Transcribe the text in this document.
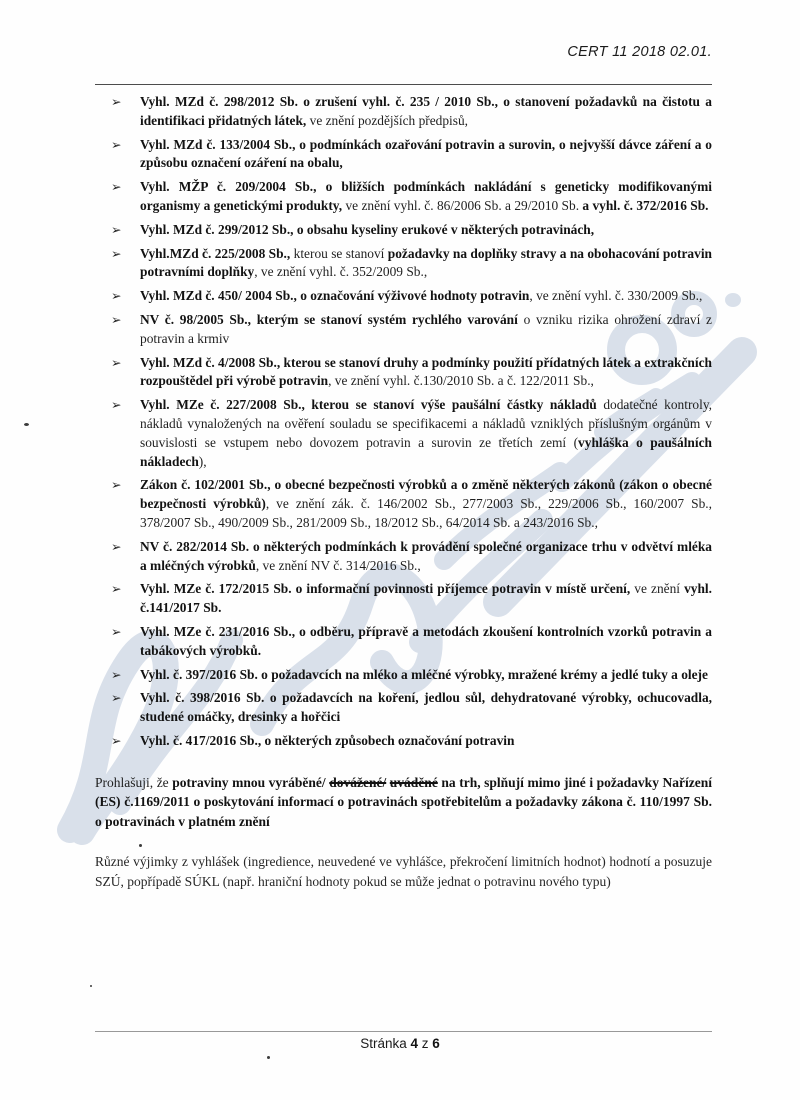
CERT 11 2018 02.01.
➢ Vyhl. MZd č. 298/2012 Sb. o zrušení vyhl. č. 235 / 2010 Sb., o stanovení požadavků na čistotu a identifikaci přidatných látek, ve znění pozdějších předpisů,
➢ Vyhl. MZd č. 133/2004 Sb., o podmínkách ozařování potravin a surovin, o nejvyšší dávce záření a o způsobu označení ozáření na obalu,
➢ Vyhl. MŽP č. 209/2004 Sb., o bližších podmínkách nakládání s geneticky modifikovanými organismy a genetickými produkty, ve znění vyhl. č. 86/2006 Sb. a 29/2010 Sb. a vyhl. č. 372/2016 Sb.
➢ Vyhl. MZd č. 299/2012 Sb., o obsahu kyseliny erukové v některých potravinách,
➢ Vyhl.MZd č. 225/2008 Sb., kterou se stanoví požadavky na doplňky stravy a na obohacování potravin potravními doplňky, ve znění vyhl. č. 352/2009 Sb.,
➢ Vyhl. MZd č. 450/ 2004 Sb., o označování výživové hodnoty potravin, ve znění vyhl. č. 330/2009 Sb.,
➢ NV č. 98/2005 Sb., kterým se stanoví systém rychlého varování o vzniku rizika ohrožení zdraví z potravin a krmiv
➢ Vyhl. MZd č. 4/2008 Sb., kterou se stanoví druhy a podmínky použití přídatných látek a extrakčních rozpouštědel při výrobě potravin, ve znění vyhl. č.130/2010 Sb. a č. 122/2011 Sb.,
➢ Vyhl. MZe č. 227/2008 Sb., kterou se stanoví výše paušální částky nákladů dodatečné kontroly, nákladů vynaložených na ověření souladu se specifikacemi a nákladů vzniklých příslušným orgánům v souvislosti se vstupem nebo dovozem potravin a surovin ze třetích zemí (vyhláška o paušálních nákladech),
➢ Zákon č. 102/2001 Sb., o obecné bezpečnosti výrobků a o změně některých zákonů (zákon o obecné bezpečnosti výrobků), ve znění zák. č. 146/2002 Sb., 277/2003 Sb., 229/2006 Sb., 160/2007 Sb., 378/2007 Sb., 490/2009 Sb., 281/2009 Sb., 18/2012 Sb., 64/2014 Sb. a 243/2016 Sb.,
➢ NV č. 282/2014 Sb. o některých podmínkách k provádění společné organizace trhu v odvětví mléka a mléčných výrobků, ve znění NV č. 314/2016 Sb.,
➢ Vyhl. MZe č. 172/2015 Sb. o informační povinnosti příjemce potravin v místě určení, ve znění vyhl. č.141/2017 Sb.
➢ Vyhl. MZe č. 231/2016 Sb., o odběru, přípravě a metodách zkoušení kontrolních vzorků potravin a tabákových výrobků.
➢ Vyhl. č. 397/2016 Sb. o požadavcích na mléko a mléčné výrobky, mražené krémy a jedlé tuky a oleje
➢ Vyhl. č. 398/2016 Sb. o požadavcích na koření, jedlou sůl, dehydratované výrobky, ochucovadla, studené omáčky, dresinky a hořčici
➢ Vyhl. č. 417/2016 Sb., o některých způsobech označování potravin

Prohlašuji, že potraviny mnou vyráběné/ dovážené/ uváděné na trh, splňují mimo jiné i požadavky Nařízení (ES) č.1169/2011 o poskytování informací o potravinách spotřebitelům a požadavky zákona č. 110/1997 Sb. o potravinách v platném znění

Různé výjimky z vyhlášek (ingredience, neuvedené ve vyhlášce, překročení limitních hodnot) hodnotí a posuzuje SZÚ, popřípadě SÚKL (např. hraniční hodnoty pokud se může jednat o potravinu nového typu)

Stránka 4 z 6
